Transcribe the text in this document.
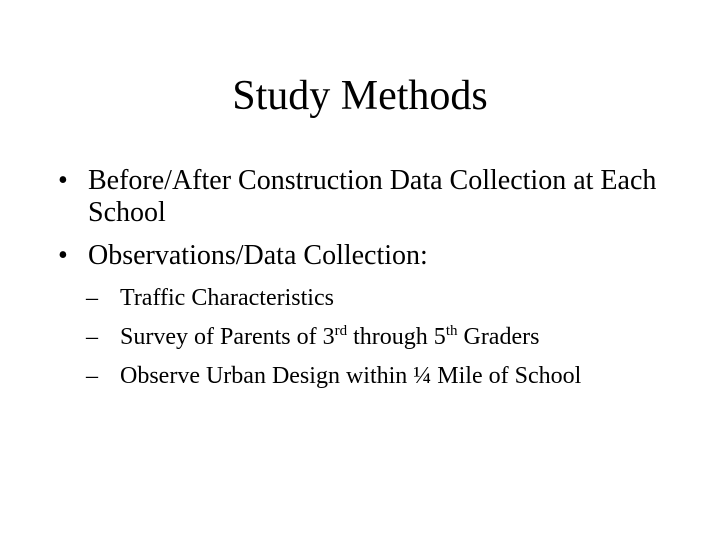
Study Methods
• Before/After Construction Data Collection at Each School
• Observations/Data Collection:
– Traffic Characteristics
– Survey of Parents of 3rd through 5th Graders
– Observe Urban Design within ¼ Mile of School
